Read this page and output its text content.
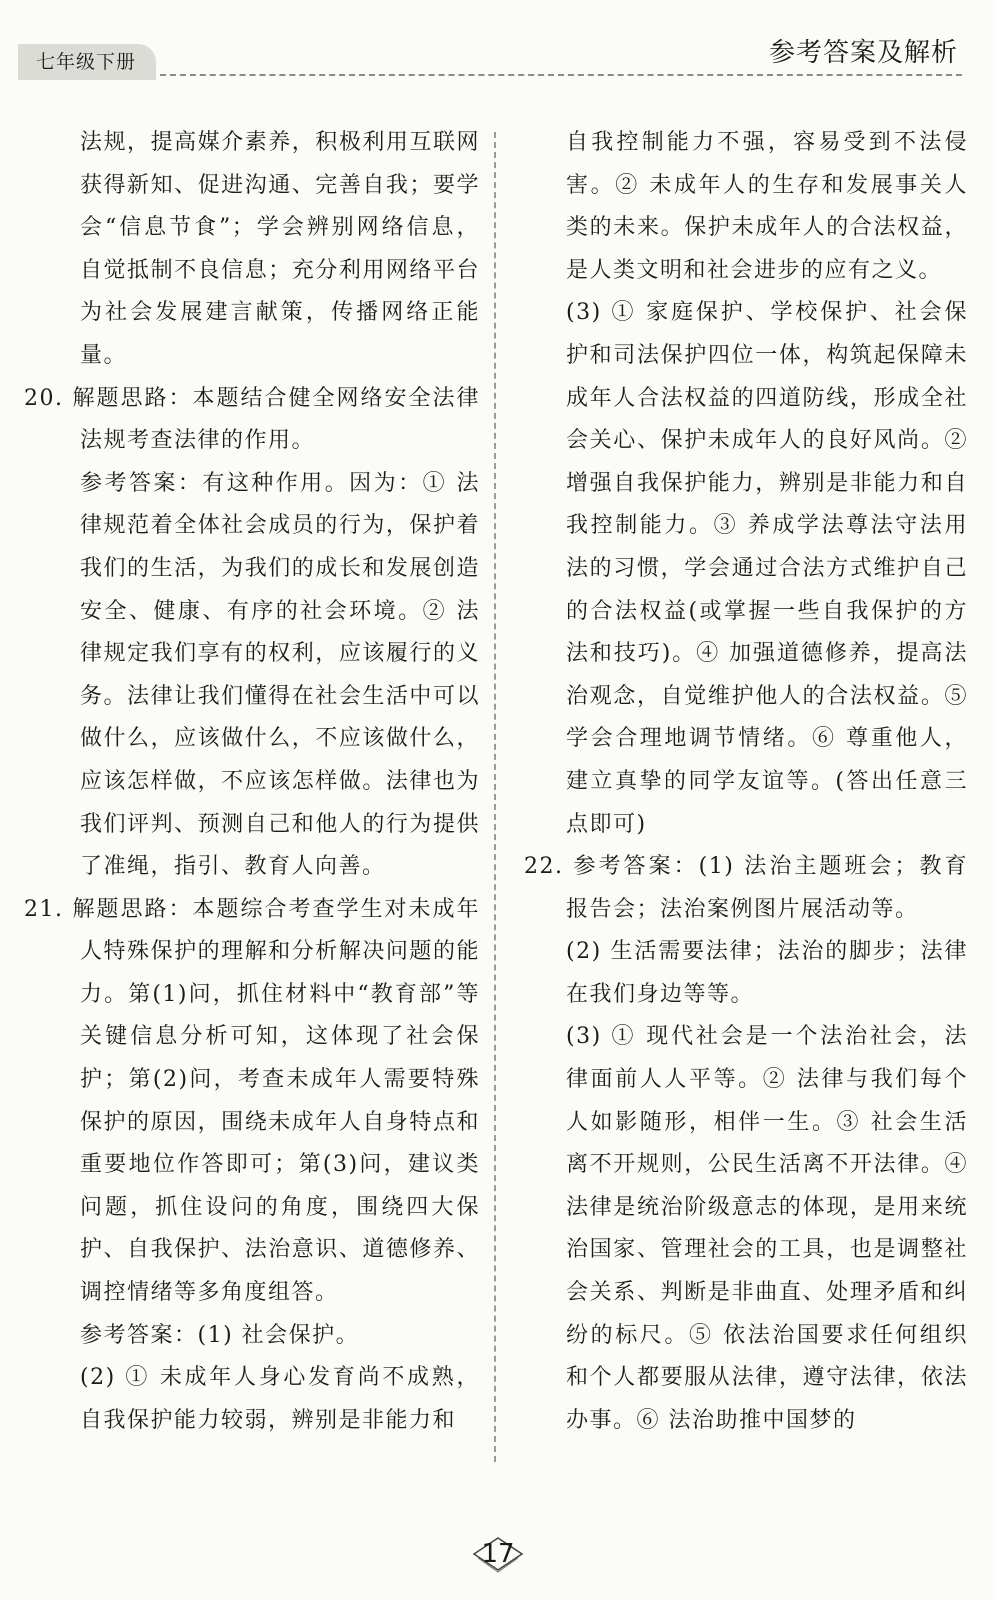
七年级下册	参考答案及解析

法规，提高媒介素养，积极利用互联网获得新知、促进沟通、完善自我；要学会“信息节食”；学会辨别网络信息，自觉抵制不良信息；充分利用网络平台为社会发展建言献策，传播网络正能量。

20. 解题思路：本题结合健全网络安全法律法规考查法律的作用。

参考答案：有这种作用。因为：① 法律规范着全体社会成员的行为，保护着我们的生活，为我们的成长和发展创造安全、健康、有序的社会环境。② 法律规定我们享有的权利，应该履行的义务。法律让我们懂得在社会生活中可以做什么，应该做什么，不应该做什么，应该怎样做，不应该怎样做。法律也为我们评判、预测自己和他人的行为提供了准绳，指引、教育人向善。

21. 解题思路：本题综合考查学生对未成年人特殊保护的理解和分析解决问题的能力。第(1)问，抓住材料中“教育部”等关键信息分析可知，这体现了社会保护；第(2)问，考查未成年人需要特殊保护的原因，围绕未成年人自身特点和重要地位作答即可；第(3)问，建议类问题，抓住设问的角度，围绕四大保护、自我保护、法治意识、道德修养、调控情绪等多角度组答。

参考答案：(1) 社会保护。

(2) ① 未成年人身心发育尚不成熟，自我保护能力较弱，辨别是非能力和

自我控制能力不强，容易受到不法侵害。② 未成年人的生存和发展事关人类的未来。保护未成年人的合法权益，是人类文明和社会进步的应有之义。

(3) ① 家庭保护、学校保护、社会保护和司法保护四位一体，构筑起保障未成年人合法权益的四道防线，形成全社会关心、保护未成年人的良好风尚。② 增强自我保护能力，辨别是非能力和自我控制能力。③ 养成学法尊法守法用法的习惯，学会通过合法方式维护自己的合法权益(或掌握一些自我保护的方法和技巧)。④ 加强道德修养，提高法治观念，自觉维护他人的合法权益。⑤ 学会合理地调节情绪。⑥ 尊重他人，建立真挚的同学友谊等。(答出任意三点即可)

22. 参考答案：(1) 法治主题班会；教育报告会；法治案例图片展活动等。

(2) 生活需要法律；法治的脚步；法律在我们身边等等。

(3) ① 现代社会是一个法治社会，法律面前人人平等。② 法律与我们每个人如影随形，相伴一生。③ 社会生活离不开规则，公民生活离不开法律。④ 法律是统治阶级意志的体现，是用来统治国家、管理社会的工具，也是调整社会关系、判断是非曲直、处理矛盾和纠纷的标尺。⑤ 依法治国要求任何组织和个人都要服从法律，遵守法律，依法办事。⑥ 法治助推中国梦的

17
